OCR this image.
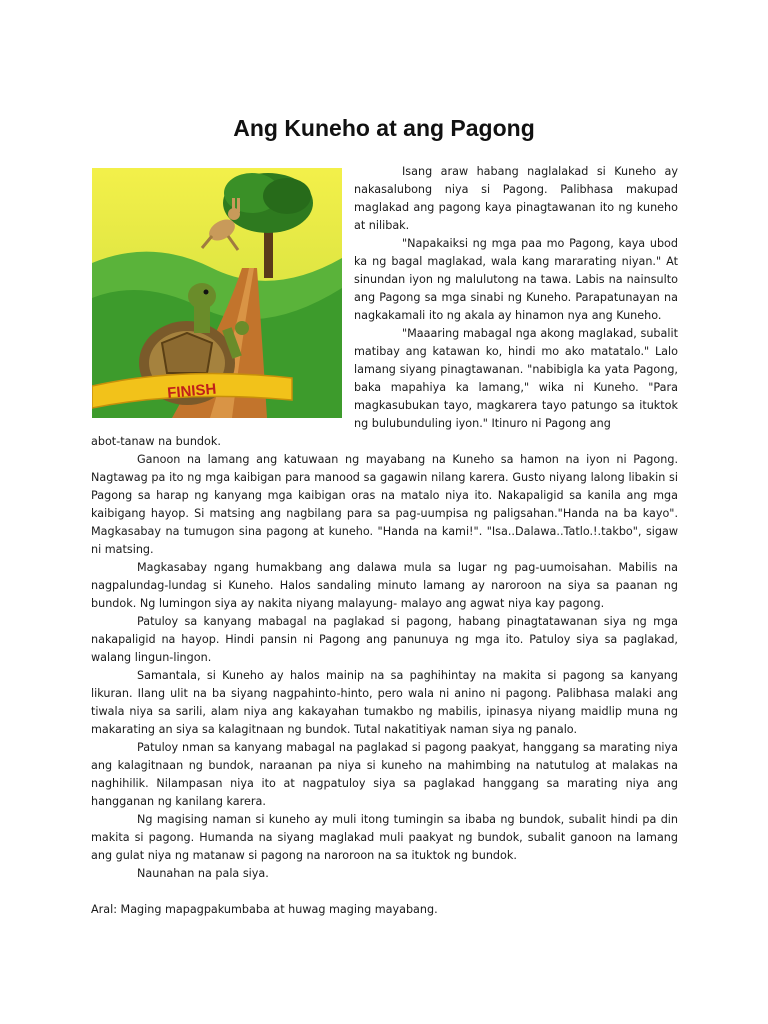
Ang Kuneho at ang Pagong
FINISH

Isang araw habang naglalakad si Kuneho ay nakasalubong niya si Pagong. Palibhasa makupad maglakad ang pagong kaya pinagtawanan ito ng kuneho at nilibak.

"Napakaiksi ng mga paa mo Pagong, kaya ubod ka ng bagal maglakad, wala kang mararating niyan." At sinundan iyon ng malulutong na tawa. Labis na nainsulto ang Pagong sa mga sinabi ng Kuneho. Parapatunayan na nagkakamali ito ng akala ay hinamon nya ang Kuneho.

"Maaaring mabagal nga akong maglakad, subalit matibay ang katawan ko, hindi mo ako matatalo." Lalo lamang siyang pinagtawanan. "nabibigla ka yata Pagong, baka mapahiya ka lamang," wika ni Kuneho. "Para magkasubukan tayo, magkarera tayo patungo sa ituktok ng bulubunduling iyon." Itinuro ni Pagong ang

abot-tanaw na bundok.

Ganoon na lamang ang katuwaan ng mayabang na Kuneho sa hamon na iyon ni Pagong. Nagtawag pa ito ng mga kaibigan para manood sa gagawin nilang karera. Gusto niyang lalong libakin si Pagong sa harap ng kanyang mga kaibigan oras na matalo niya ito. Nakapaligid sa kanila ang mga kaibigang hayop. Si matsing ang nagbilang para sa pag-uumpisa ng paligsahan."Handa na ba kayo". Magkasabay na tumugon sina pagong at kuneho. "Handa na kami!". "Isa..Dalawa..Tatlo.!.takbo", sigaw ni matsing.

Magkasabay ngang humakbang ang dalawa mula sa lugar ng pag-uumoisahan. Mabilis na nagpalundag-lundag si Kuneho. Halos sandaling minuto lamang ay naroroon na siya sa paanan ng bundok. Ng lumingon siya ay nakita niyang malayung- malayo ang agwat niya kay pagong.

Patuloy sa kanyang mabagal na paglakad si pagong, habang pinagtatawanan siya ng mga nakapaligid na hayop. Hindi pansin ni Pagong ang panunuya ng mga ito. Patuloy siya sa paglakad, walang lingun-lingon.

Samantala, si Kuneho ay halos mainip na sa paghihintay na makita si pagong sa kanyang likuran. Ilang ulit na ba siyang nagpahinto-hinto, pero wala ni anino ni pagong. Palibhasa malaki ang tiwala niya sa sarili, alam niya ang kakayahan tumakbo ng mabilis, ipinasya niyang maidlip muna ng makarating an siya sa kalagitnaan ng bundok. Tutal nakatitiyak naman siya ng panalo.

Patuloy nman sa kanyang mabagal na paglakad si pagong paakyat, hanggang sa marating niya ang kalagitnaan ng bundok, naraanan pa niya si kuneho na mahimbing na natutulog at malakas na naghihilik. Nilampasan niya ito at nagpatuloy siya sa paglakad hanggang sa marating niya ang hangganan ng kanilang karera.

Ng magising naman si kuneho ay muli itong tumingin sa ibaba ng bundok, subalit hindi pa din makita si pagong. Humanda na siyang maglakad muli paakyat ng bundok, subalit ganoon na lamang ang gulat niya ng matanaw si pagong na naroroon na sa ituktok ng bundok.

Naunahan na pala siya.

Aral: Maging mapagpakumbaba at huwag maging mayabang.
